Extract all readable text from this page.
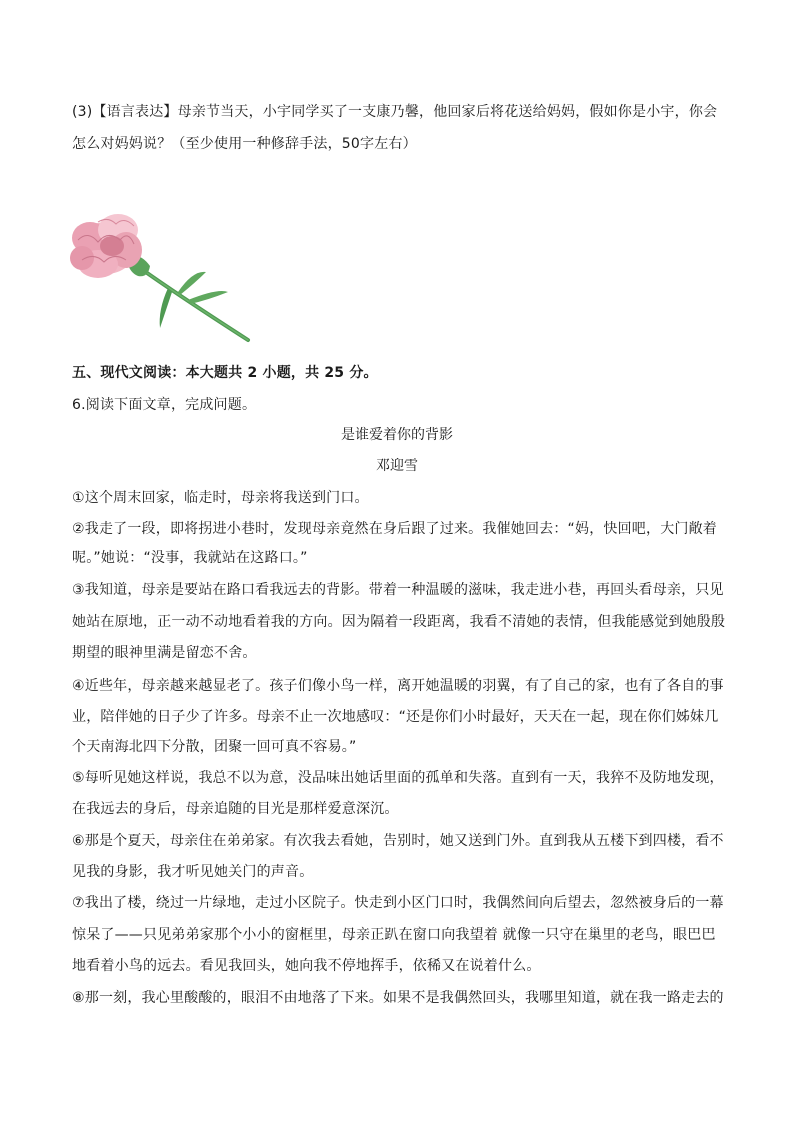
(3)【语言表达】母亲节当天，小宇同学买了一支康乃馨，他回家后将花送给妈妈，假如你是小宇，你会
怎么对妈妈说？（至少使用一种修辞手法，50字左右）
五、现代文阅读：本大题共 2 小题，共 25 分。
6.阅读下面文章，完成问题。
是谁爱着你的背影
邓迎雪
①这个周末回家，临走时，母亲将我送到门口。
②我走了一段，即将拐进小巷时，发现母亲竟然在身后跟了过来。我催她回去：“妈，快回吧，大门敞着
呢。”她说：“没事，我就站在这路口。”
③我知道，母亲是要站在路口看我远去的背影。带着一种温暖的滋味，我走进小巷，再回头看母亲，只见
她站在原地，正一动不动地看着我的方向。因为隔着一段距离，我看不清她的表情，但我能感觉到她殷殷
期望的眼神里满是留恋不舍。
④近些年，母亲越来越显老了。孩子们像小鸟一样，离开她温暖的羽翼，有了自己的家，也有了各自的事
业，陪伴她的日子少了许多。母亲不止一次地感叹：“还是你们小时最好，天天在一起，现在你们姊妹几
个天南海北四下分散，团聚一回可真不容易。”
⑤每听见她这样说，我总不以为意，没品味出她话里面的孤单和失落。直到有一天，我猝不及防地发现，
在我远去的身后，母亲追随的目光是那样爱意深沉。
⑥那是个夏天，母亲住在弟弟家。有次我去看她，告别时，她又送到门外。直到我从五楼下到四楼，看不
见我的身影，我才听见她关门的声音。
⑦我出了楼，绕过一片绿地，走过小区院子。快走到小区门口时，我偶然间向后望去，忽然被身后的一幕
惊呆了——只见弟弟家那个小小的窗框里，母亲正趴在窗口向我望着 就像一只守在巢里的老鸟，眼巴巴
地看着小鸟的远去。看见我回头，她向我不停地挥手，依稀又在说着什么。
⑧那一刻，我心里酸酸的，眼泪不由地落了下来。如果不是我偶然回头，我哪里知道，就在我一路走去的
